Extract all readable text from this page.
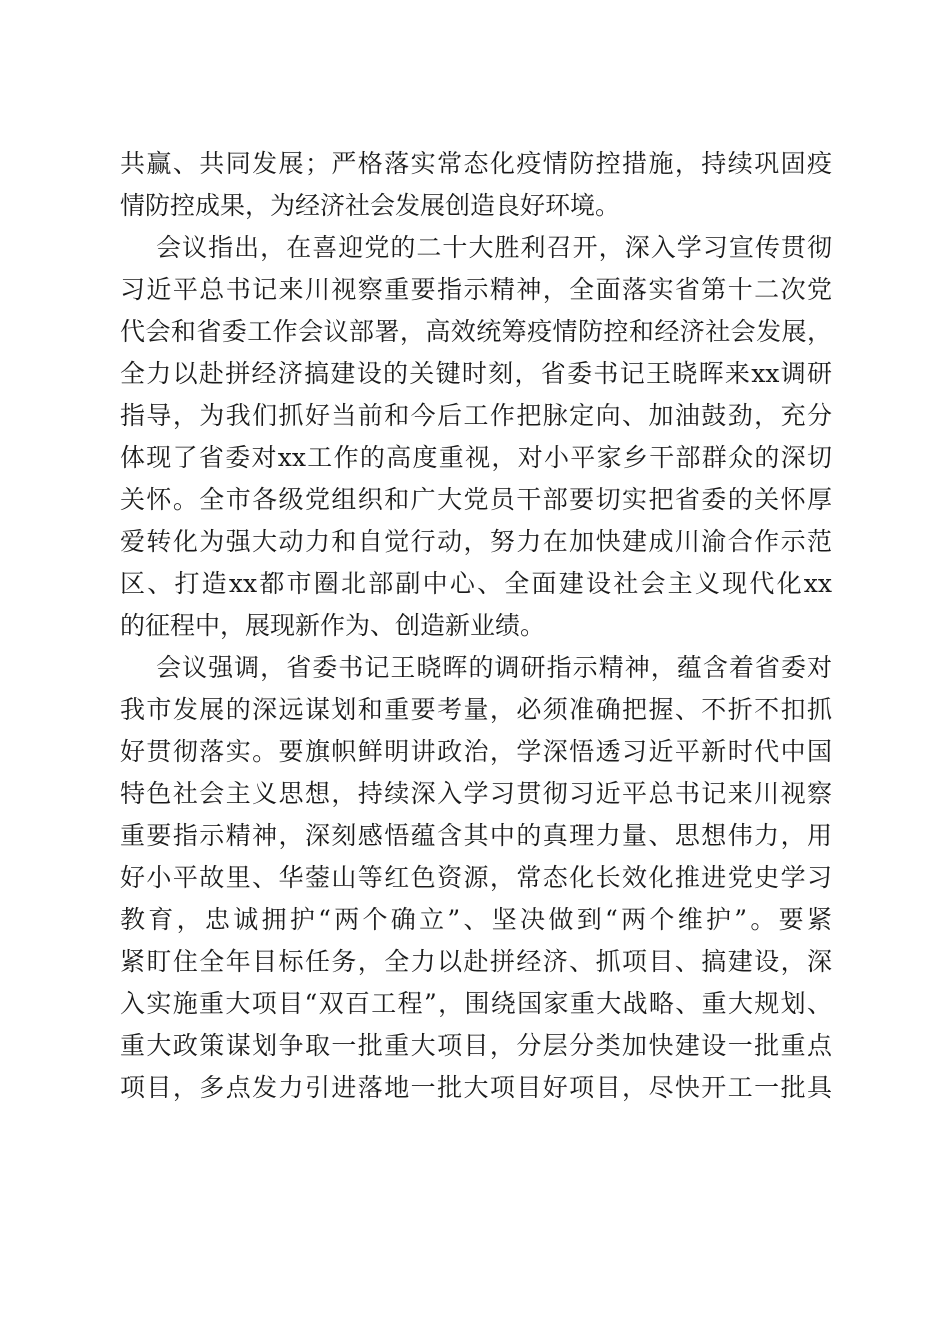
共赢、共同发展；严格落实常态化疫情防控措施，持续巩固疫
情防控成果，为经济社会发展创造良好环境。
会议指出，在喜迎党的二十大胜利召开，深入学习宣传贯彻
习近平总书记来川视察重要指示精神，全面落实省第十二次党
代会和省委工作会议部署，高效统筹疫情防控和经济社会发展，
全力以赴拼经济搞建设的关键时刻，省委书记王晓晖来xx调研
指导，为我们抓好当前和今后工作把脉定向、加油鼓劲，充分
体现了省委对xx工作的高度重视，对小平家乡干部群众的深切
关怀。全市各级党组织和广大党员干部要切实把省委的关怀厚
爱转化为强大动力和自觉行动，努力在加快建成川渝合作示范
区、打造xx都市圈北部副中心、全面建设社会主义现代化xx
的征程中，展现新作为、创造新业绩。
会议强调，省委书记王晓晖的调研指示精神，蕴含着省委对
我市发展的深远谋划和重要考量，必须准确把握、不折不扣抓
好贯彻落实。要旗帜鲜明讲政治，学深悟透习近平新时代中国
特色社会主义思想，持续深入学习贯彻习近平总书记来川视察
重要指示精神，深刻感悟蕴含其中的真理力量、思想伟力，用
好小平故里、华蓥山等红色资源，常态化长效化推进党史学习
教育，忠诚拥护“两个确立”、坚决做到“两个维护”。要紧
紧盯住全年目标任务，全力以赴拼经济、抓项目、搞建设，深
入实施重大项目“双百工程”，围绕国家重大战略、重大规划、
重大政策谋划争取一批重大项目，分层分类加快建设一批重点
项目，多点发力引进落地一批大项目好项目，尽快开工一批具
